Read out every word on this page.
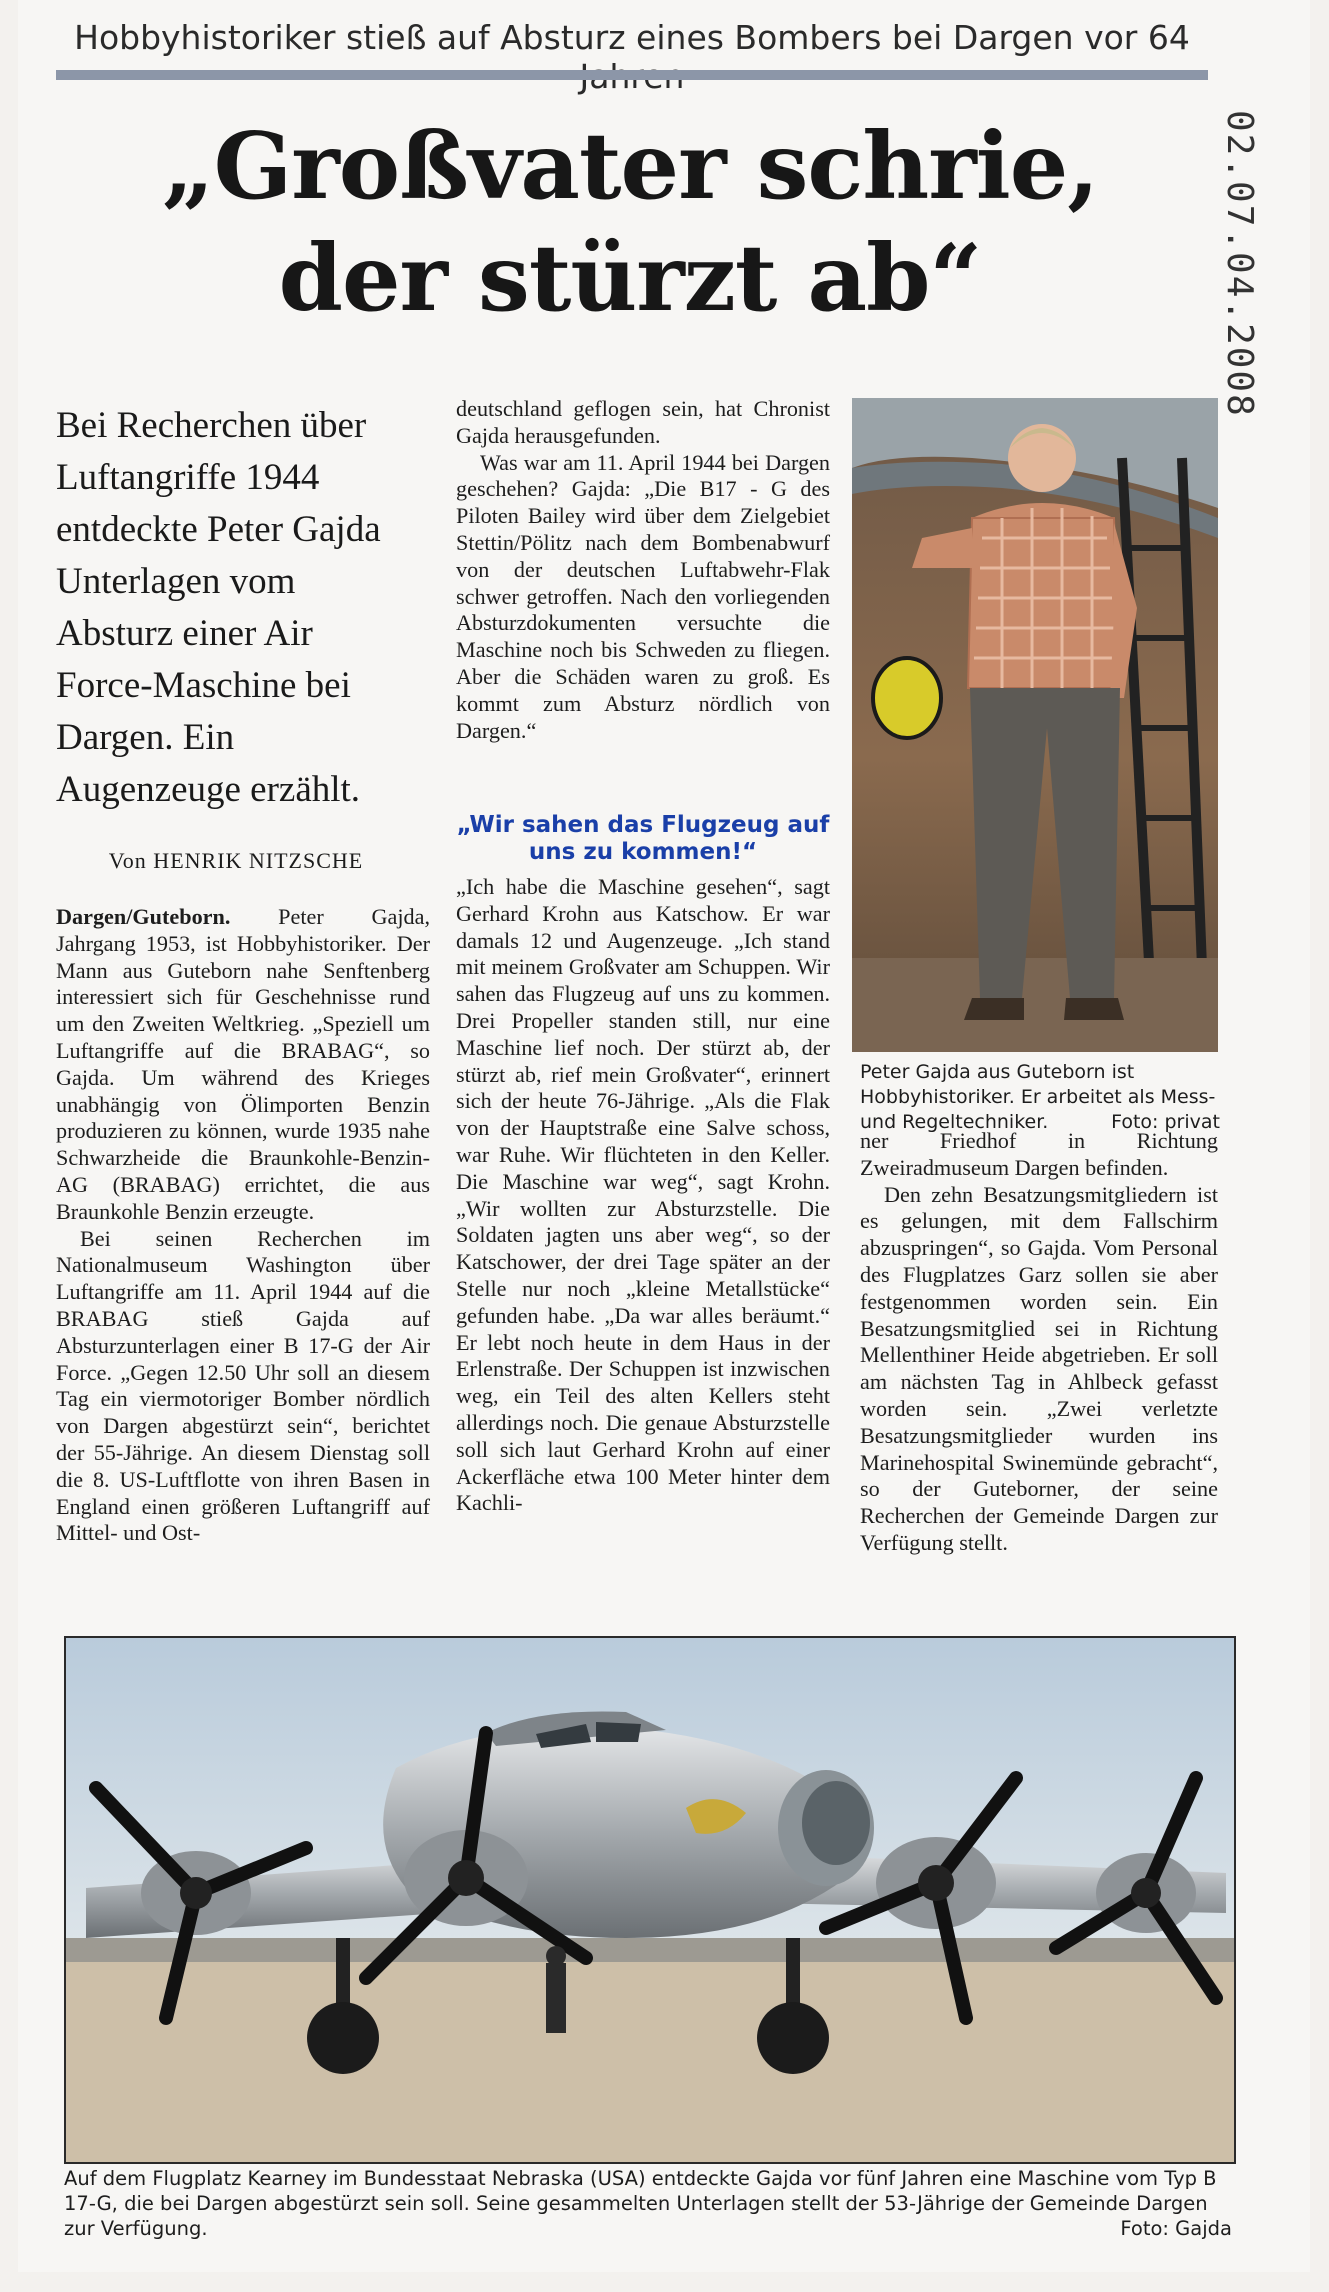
Hobbyhistoriker stieß auf Absturz eines Bombers bei Dargen vor 64
„Großvater schrie,
der stürzt ab“	02.07.04.2008
Bei Recherchen über Luftangriffe 1944 entdeckte Peter Gajda Unterlagen vom Absturz einer Air Force-Maschine bei Dargen. Ein Augenzeuge erzählt.
Von HENRIK NITZSCHE

Dargen/Guteborn. Peter Gajda, Jahrgang 1953, ist Hobbyhistoriker. Der Mann aus Guteborn nahe Senftenberg interessiert sich für Geschehnisse rund um den Zweiten Weltkrieg. „Speziell um Luftangriffe auf die BRABAG“, so Gajda. Um während des Krieges unabhängig von Ölimporten Benzin produzieren zu können, wurde 1935 nahe Schwarzheide die Braunkohle-Benzin-AG (BRABAG) errichtet, die aus Braunkohle Benzin erzeugte.

Bei seinen Recherchen im Nationalmuseum Washington über Luftangriffe am 11. April 1944 auf die BRABAG stieß Gajda auf Absturzunterlagen einer B 17-G der Air Force. „Gegen 12.50 Uhr soll an diesem Tag ein viermotoriger Bomber nördlich von Dargen abgestürzt sein“, berichtet der 55-Jährige. An diesem Dienstag soll die 8. US-Luftflotte von ihren Basen in England einen größeren Luftangriff auf Mittel- und Ost-

deutschland geflogen sein, hat Chronist Gajda herausgefunden.

Was war am 11. April 1944 bei Dargen geschehen? Gajda: „Die B17 - G des Piloten Bailey wird über dem Zielgebiet Stettin/Pölitz nach dem Bombenabwurf von der deutschen Luftabwehr-Flak schwer getroffen. Nach den vorliegenden Absturzdokumenten versuchte die Maschine noch bis Schweden zu fliegen. Aber die Schäden waren zu groß. Es kommt zum Absturz nördlich von Dargen.“

„Wir sahen das Flugzeug auf uns zu kommen!“

„Ich habe die Maschine gesehen“, sagt Gerhard Krohn aus Katschow. Er war damals 12 und Augenzeuge. „Ich stand mit meinem Großvater am Schuppen. Wir sahen das Flugzeug auf uns zu kommen. Drei Propeller standen still, nur eine Maschine lief noch. Der stürzt ab, der stürzt ab, rief mein Großvater“, erinnert sich der heute 76-Jährige. „Als die Flak von der Hauptstraße eine Salve schoss, war Ruhe. Wir flüchteten in den Keller. Die Maschine war weg“, sagt Krohn. „Wir wollten zur Absturzstelle. Die Soldaten jagten uns aber weg“, so der Katschower, der drei Tage später an der Stelle nur noch „kleine Metallstücke“ gefunden habe. „Da war alles beräumt.“ Er lebt noch heute in dem Haus in der Erlenstraße. Der Schuppen ist inzwischen weg, ein Teil des alten Kellers steht allerdings noch. Die genaue Absturzstelle soll sich laut Gerhard Krohn auf einer Ackerfläche etwa 100 Meter hinter dem Kachli-

Peter Gajda aus Guteborn ist Hobbyhistoriker. Er arbeitet als Mess- und Regeltechniker.	Foto: privat

ner Friedhof in Richtung Zweiradmuseum Dargen befinden.

Den zehn Besatzungsmitgliedern ist es gelungen, mit dem Fallschirm abzuspringen“, so Gajda. Vom Personal des Flugplatzes Garz sollen sie aber festgenommen worden sein. Ein Besatzungsmitglied sei in Richtung Mellenthiner Heide abgetrieben. Er soll am nächsten Tag in Ahlbeck gefasst worden sein. „Zwei verletzte Besatzungsmitglieder wurden ins Marinehospital Swinemünde gebracht“, so der Guteborner, der seine Recherchen der Gemeinde Dargen zur Verfügung stellt.

Auf dem Flugplatz Kearney im Bundesstaat Nebraska (USA) entdeckte Gajda vor fünf Jahren eine Maschine vom Typ B 17-G, die bei Dargen abgestürzt sein soll. Seine gesammelten Unterlagen stellt der 53-Jährige der Gemeinde Dargen zur Verfügung.	Foto: Gajda
